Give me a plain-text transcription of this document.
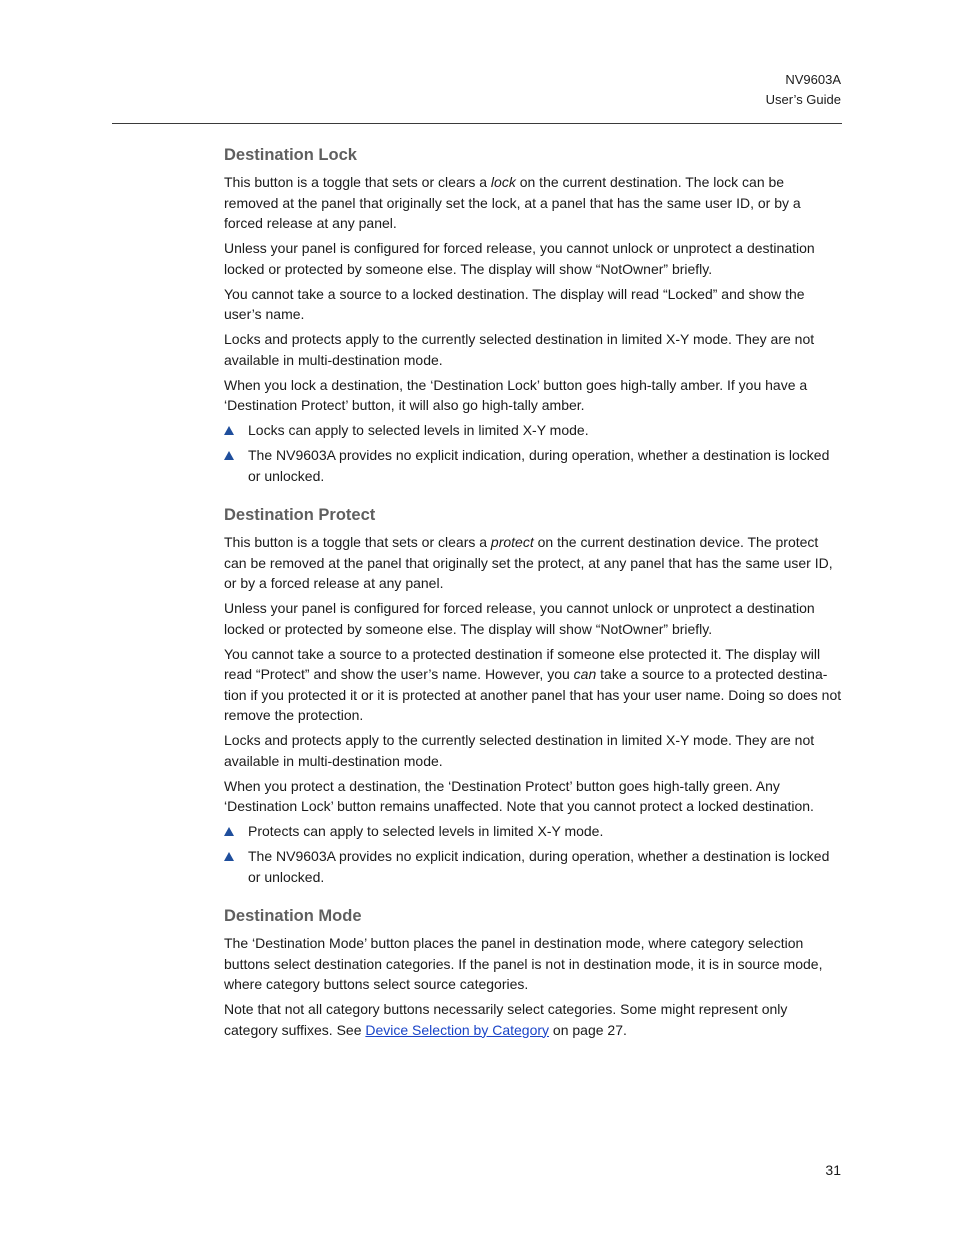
NV9603A
User’s Guide
Destination Lock

This button is a toggle that sets or clears a lock on the current destination. The lock can be removed at the panel that originally set the lock, at a panel that has the same user ID, or by a forced release at any panel.

Unless your panel is configured for forced release, you cannot unlock or unprotect a destination locked or protected by someone else. The display will show “NotOwner” briefly.

You cannot take a source to a locked destination. The display will read “Locked” and show the user’s name.

Locks and protects apply to the currently selected destination in limited X-Y mode. They are not available in multi-destination mode.

When you lock a destination, the ‘Destination Lock’ button goes high-tally amber. If you have a ‘Destination Protect’ button, it will also go high-tally amber.

Locks can apply to selected levels in limited X-Y mode.
The NV9603A provides no explicit indication, during operation, whether a destination is locked or unlocked.
Destination Protect

This button is a toggle that sets or clears a protect on the current destination device. The protect can be removed at the panel that originally set the protect, at any panel that has the same user ID, or by a forced release at any panel.

Unless your panel is configured for forced release, you cannot unlock or unprotect a destination locked or protected by someone else. The display will show “NotOwner” briefly.

You cannot take a source to a protected destination if someone else protected it. The display will read “Protect” and show the user’s name. However, you can take a source to a protected destina-tion if you protected it or it is protected at another panel that has your user name. Doing so does not remove the protection.

Locks and protects apply to the currently selected destination in limited X-Y mode. They are not available in multi-destination mode.

When you protect a destination, the ‘Destination Protect’ button goes high-tally green. Any ‘Destination Lock’ button remains unaffected. Note that you cannot protect a locked destination.

Protects can apply to selected levels in limited X-Y mode.
The NV9603A provides no explicit indication, during operation, whether a destination is locked or unlocked.
Destination Mode

The ‘Destination Mode’ button places the panel in destination mode, where category selection buttons select destination categories. If the panel is not in destination mode, it is in source mode, where category buttons select source categories.

Note that not all category buttons necessarily select categories. Some might represent only category suffixes. See Device Selection by Category on page 27.

31
